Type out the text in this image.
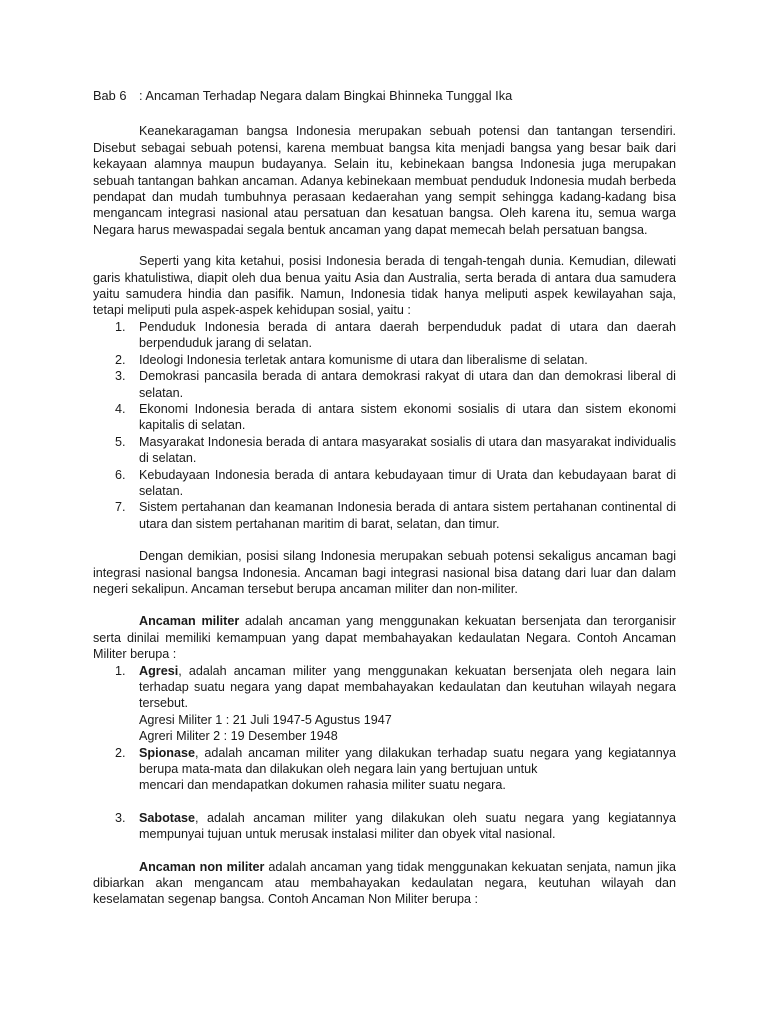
Bab 6 : Ancaman Terhadap Negara dalam Bingkai Bhinneka Tunggal Ika

Keanekaragaman bangsa Indonesia merupakan sebuah potensi dan tantangan tersendiri. Disebut sebagai sebuah potensi, karena membuat bangsa kita menjadi bangsa yang besar baik dari kekayaan alamnya maupun budayanya. Selain itu, kebinekaan bangsa Indonesia juga merupakan sebuah tantangan bahkan ancaman. Adanya kebinekaan membuat penduduk Indonesia mudah berbeda pendapat dan mudah tumbuhnya perasaan kedaerahan yang sempit sehingga kadang-kadang bisa mengancam integrasi nasional atau persatuan dan kesatuan bangsa. Oleh karena itu, semua warga Negara harus mewaspadai segala bentuk ancaman yang dapat memecah belah persatuan bangsa.

Seperti yang kita ketahui, posisi Indonesia berada di tengah-tengah dunia. Kemudian, dilewati garis khatulistiwa, diapit oleh dua benua yaitu Asia dan Australia, serta berada di antara dua samudera yaitu samudera hindia dan pasifik. Namun, Indonesia tidak hanya meliputi aspek kewilayahan saja, tetapi meliputi pula aspek-aspek kehidupan sosial, yaitu :

1. Penduduk Indonesia berada di antara daerah berpenduduk padat di utara dan daerah berpenduduk jarang di selatan.
2. Ideologi Indonesia terletak antara komunisme di utara dan liberalisme di selatan.
3. Demokrasi pancasila berada di antara demokrasi rakyat di utara dan dan demokrasi liberal di selatan.
4. Ekonomi Indonesia berada di antara sistem ekonomi sosialis di utara dan sistem ekonomi kapitalis di selatan.
5. Masyarakat Indonesia berada di antara masyarakat sosialis di utara dan masyarakat individualis di selatan.
6. Kebudayaan Indonesia berada di antara kebudayaan timur di Urata dan kebudayaan barat di selatan.
7. Sistem pertahanan dan keamanan Indonesia berada di antara sistem pertahanan continental di utara dan sistem pertahanan maritim di barat, selatan, dan timur.

Dengan demikian, posisi silang Indonesia merupakan sebuah potensi sekaligus ancaman bagi integrasi nasional bangsa Indonesia. Ancaman bagi integrasi nasional bisa datang dari luar dan dalam negeri sekalipun. Ancaman tersebut berupa ancaman militer dan non-militer.

Ancaman militer adalah ancaman yang menggunakan kekuatan bersenjata dan terorganisir serta dinilai memiliki kemampuan yang dapat membahayakan kedaulatan Negara. Contoh Ancaman Militer berupa :

1. Agresi, adalah ancaman militer yang menggunakan kekuatan bersenjata oleh negara lain terhadap suatu negara yang dapat membahayakan kedaulatan dan keutuhan wilayah negara tersebut.
Agresi Militer 1 : 21 Juli 1947-5 Agustus 1947
Agreri Militer 2 : 19 Desember 1948
2. Spionase, adalah ancaman militer yang dilakukan terhadap suatu negara yang kegiatannya berupa mata-mata dan dilakukan oleh negara lain yang bertujuan untuk
mencari dan mendapatkan dokumen rahasia militer suatu negara.
3. Sabotase, adalah ancaman militer yang dilakukan oleh suatu negara yang kegiatannya mempunyai tujuan untuk merusak instalasi militer dan obyek vital nasional.

Ancaman non militer adalah ancaman yang tidak menggunakan kekuatan senjata, namun jika dibiarkan akan mengancam atau membahayakan kedaulatan negara, keutuhan wilayah dan keselamatan segenap bangsa. Contoh Ancaman Non Militer berupa :
